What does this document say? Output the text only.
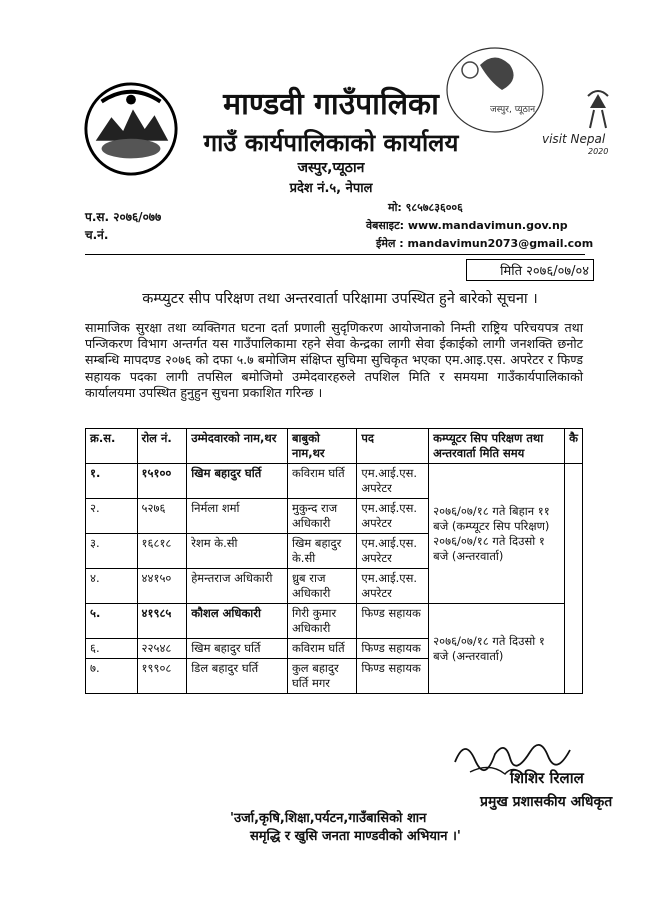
जस्पुर, प्यूठान
visit Nepal
2020
माण्डवी गाउँपालिका
गाउँ कार्यपालिकाको कार्यालय
जस्पुर,प्यूठान
प्रदेश नं.५, नेपाल
प.स. २०७६/०७७
च.नं.
मो: ९८५७८३६००६
वेबसाइट: www.mandavimun.gov.np
ईमेल : mandavimun2073@gmail.com
मिति २०७६/०७/०४
कम्प्युटर सीप परिक्षण तथा अन्तरवार्ता परिक्षामा उपस्थित हुने बारेको सूचना ।
सामाजिक सुरक्षा तथा व्यक्तिगत घटना दर्ता प्रणाली सुदृणिकरण आयोजनाको निम्ती राष्ट्रिय परिचयपत्र तथा पन्जिकरण विभाग अन्तर्गत यस गाउँपालिकामा रहने सेवा केन्द्रका लागी सेवा ईकाईको लागी जनशक्ति छनोट सम्बन्धि मापदण्ड २०७६ को दफा ५.७ बमोजिम संक्षिप्त सुचिमा सुचिकृत भएका एम.आइ.एस. अपरेटर र फिण्ड सहायक पदका लागी तपसिल बमोजिमो उम्मेदवारहरुले तपशिल मिति र समयमा गाउँकार्यपालिकाको कार्यालयमा उपस्थित हुनुहुन सुचना प्रकाशित गरिन्छ ।
क्र.स.	रोल नं.	उम्मेदवारको नाम,थर	बाबुको नाम,थर	पद	कम्प्यूटर सिप परिक्षण तथा अन्तरवार्ता मिति समय	कै
१.	१५१००	खिम बहादुर घर्ति	कविराम घर्ति	एम.आई.एस. अपरेटर	२०७६/०७/१८ गते बिहान ११ बजे (कम्प्यूटर सिप परिक्षण) २०७६/०७/१८ गते दिउसो १ बजे (अन्तरवार्ता)	
२.	५२७६	निर्मला शर्मा	मुकुन्द राज अधिकारी	एम.आई.एस. अपरेटर		
३.	१६८१८	रेशम के.सी	खिम बहादुर के.सी	एम.आई.एस. अपरेटर		
४.	४४१५०	हेमन्तराज अधिकारी	ध्रुब राज अधिकारी	एम.आई.एस. अपरेटर		
५.	४१९८५	कौशल अधिकारी	गिरी कुमार अधिकारी	फिण्ड सहायक	२०७६/०७/१८ गते दिउसो १ बजे (अन्तरवार्ता)	
६.	२२५४८	खिम बहादुर घर्ति	कविराम घर्ति	फिण्ड सहायक		
७.	१९९०८	डिल बहादुर घर्ति	कुल बहादुर घर्ति मगर	फिण्ड सहायक		
शिशिर रिलाल
प्रमुख प्रशासकीय अधिकृत
'उर्जा,कृषि,शिक्षा,पर्यटन,गाउँबासिको शान
समृद्धि र खुसि जनता माण्डवीको अभियान ।'
